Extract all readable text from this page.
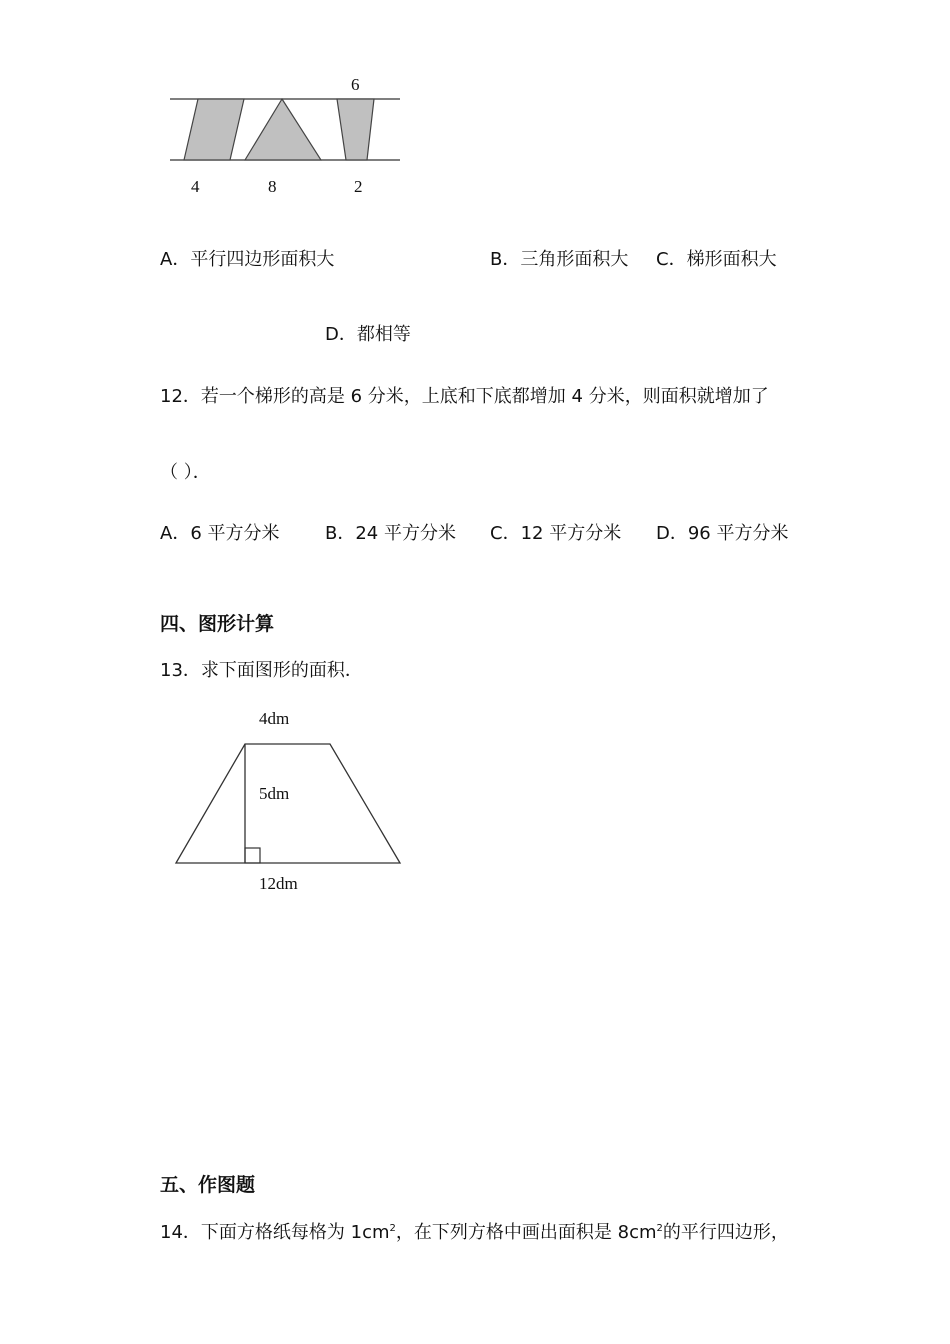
6
4	8	2
A．平行四边形面积大	B．三角形面积大 C．梯形面积大
D．都相等
12．若一个梯形的高是 6 分米，上底和下底都增加 4 分米，则面积就增加了
（ ）．
A．6 平方分米	B．24 平方分米 C．12 平方分米 D．96 平方分米
四、图形计算
13．求下面图形的面积．
4dm
5dm
12dm
五、作图题
14．下面方格纸每格为 $1cm^2$，在下列方格中画出面积是 $8cm^2$的平行四边形，
